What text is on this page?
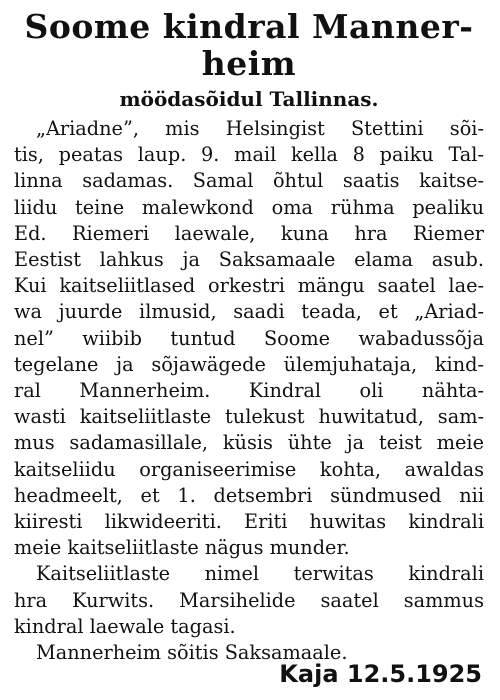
Soome kindral Manner-
heim
möödasõidul Tallinnas.

„Ariadne”, mis Helsingist Stettini sõi-

tis, peatas laup. 9. mail kella 8 paiku Tal-

linna sadamas. Samal õhtul saatis kaitse-

liidu teine malewkond oma rühma pealiku

Ed. Riemeri laewale, kuna hra Riemer

Eestist lahkus ja Saksamaale elama asub.

Kui kaitseliitlased orkestri mängu saatel lae-

wa juurde ilmusid, saadi teada, et „Ariad-

nel” wiibib tuntud Soome wabadussõja

tegelane ja sõjawägede ülemjuhataja, kind-

ral Mannerheim. Kindral oli nähta-

wasti kaitseliitlaste tulekust huwitatud, sam-

mus sadamasillale, küsis ühte ja teist meie

kaitseliidu organiseerimise kohta, awaldas

headmeelt, et 1. detsembri sündmused nii

kiiresti likwideeriti. Eriti huwitas kindrali

meie kaitseliitlaste nägus munder.

Kaitseliitlaste nimel terwitas kindrali

hra Kurwits. Marsihelide saatel sammus

kindral laewale tagasi.

Mannerheim sõitis Saksamaale.

Kaja 12.5.1925
